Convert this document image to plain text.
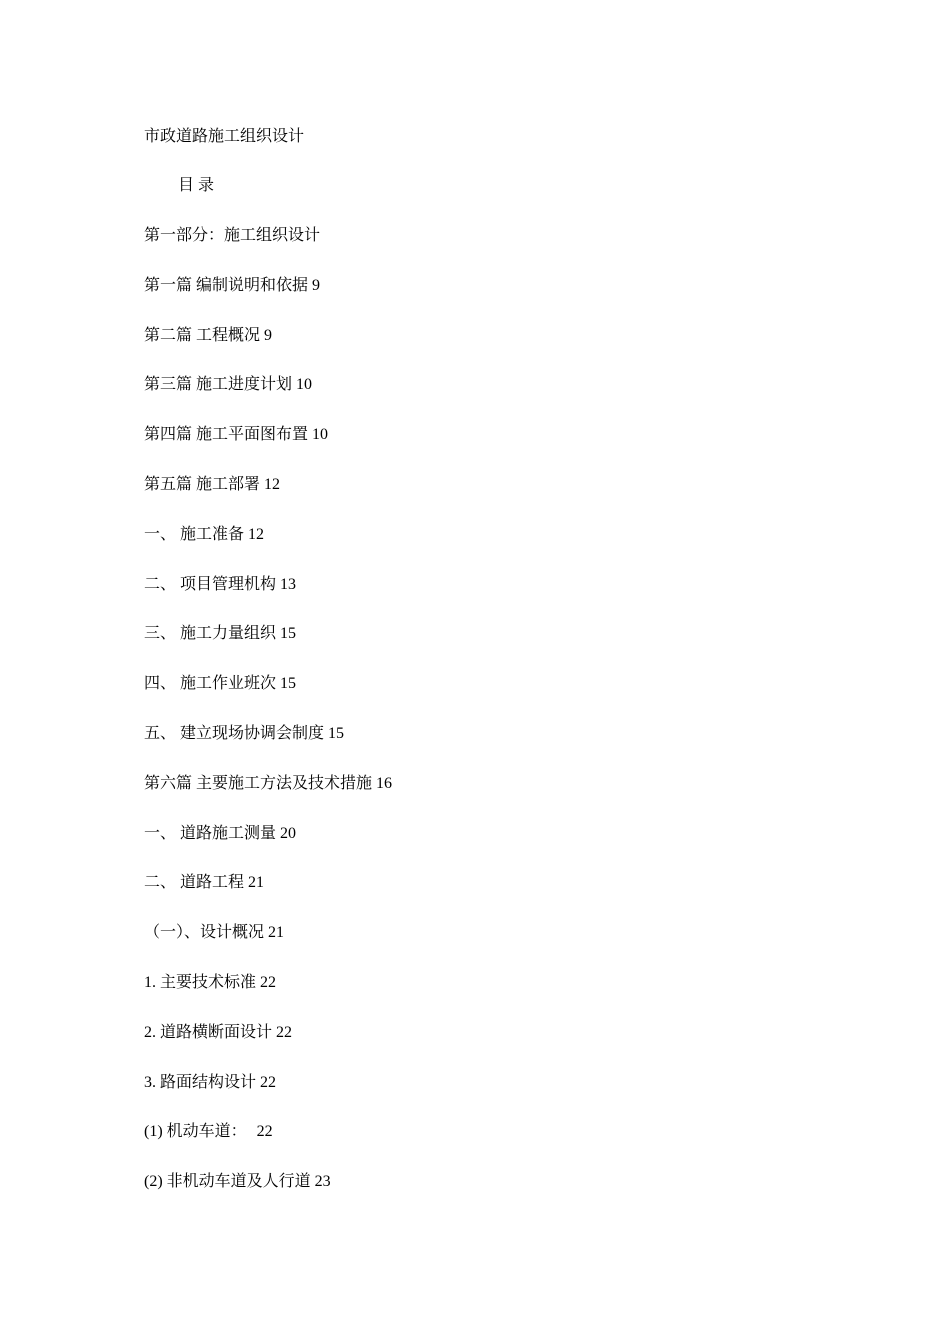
市政道路施工组织设计
目 录
第一部分：施工组织设计
第一篇 编制说明和依据 9
第二篇 工程概况 9
第三篇 施工进度计划 10
第四篇 施工平面图布置 10
第五篇 施工部署 12
一、 施工准备 12
二、 项目管理机构 13
三、 施工力量组织 15
四、 施工作业班次 15
五、 建立现场协调会制度 15
第六篇 主要施工方法及技术措施 16
一、 道路施工测量 20
二、 道路工程 21
（一）、设计概况 21
1. 主要技术标准 22
2. 道路横断面设计 22
3. 路面结构设计 22
(1) 机动车道： 22
(2) 非机动车道及人行道 23
